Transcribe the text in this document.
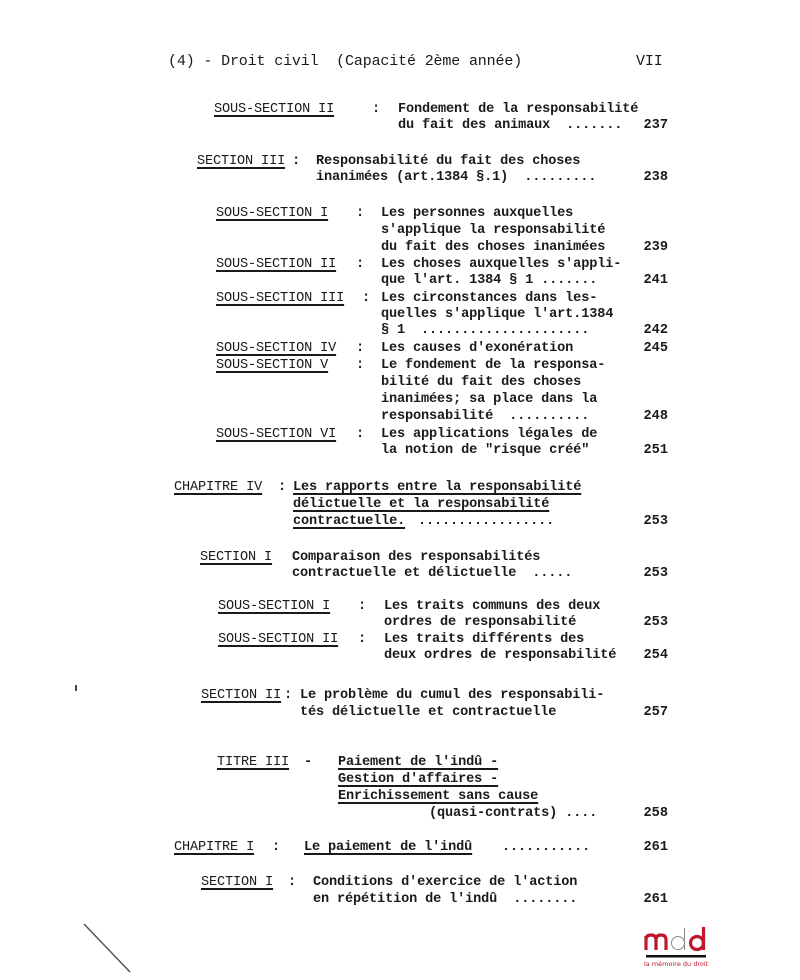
(4) - Droit civil  (Capacité 2ème année)	VII
SOUS-SECTION II	: Fondement de la responsabilité
du fait des animaux  .......	237
SECTION III : Responsabilité du fait des choses
inanimées (art.1384 §.1)  .........	238
SOUS-SECTION I : Les personnes auxquelles
s'applique la responsabilité
du fait des choses inanimées	239
SOUS-SECTION II : Les choses auxquelles s'appli-
que l'art. 1384 § 1 .......	241
SOUS-SECTION III : Les circonstances dans les-
quelles s'applique l'art.1384
§ 1  .....................	242
SOUS-SECTION IV : Les causes d'exonération	245
SOUS-SECTION V : Le fondement de la responsa-
bilité du fait des choses
inanimées; sa place dans la
responsabilité  ..........	248
SOUS-SECTION VI : Les applications légales de
la notion de "risque créé"	251
CHAPITRE IV : Les rapports entre la responsabilité
délictuelle et la responsabilité
contractuelle. .................	253
SECTION I Comparaison des responsabilités
contractuelle et délictuelle  .....	253
SOUS-SECTION I : Les traits communs des deux
ordres de responsabilité	253
SOUS-SECTION II : Les traits différents des
deux ordres de responsabilité	254
SECTION II : Le problème du cumul des responsabili-
tés délictuelle et contractuelle	257
TITRE III - Paiement de l'indû -
Gestion d'affaires -
Enrichissement sans cause
(quasi-contrats) ....	258
CHAPITRE I : Le paiement de l'indû ...........	261
SECTION I : Conditions d'exercice de l'action
en répétition de l'indû  ........	261
la mémoire du droit
